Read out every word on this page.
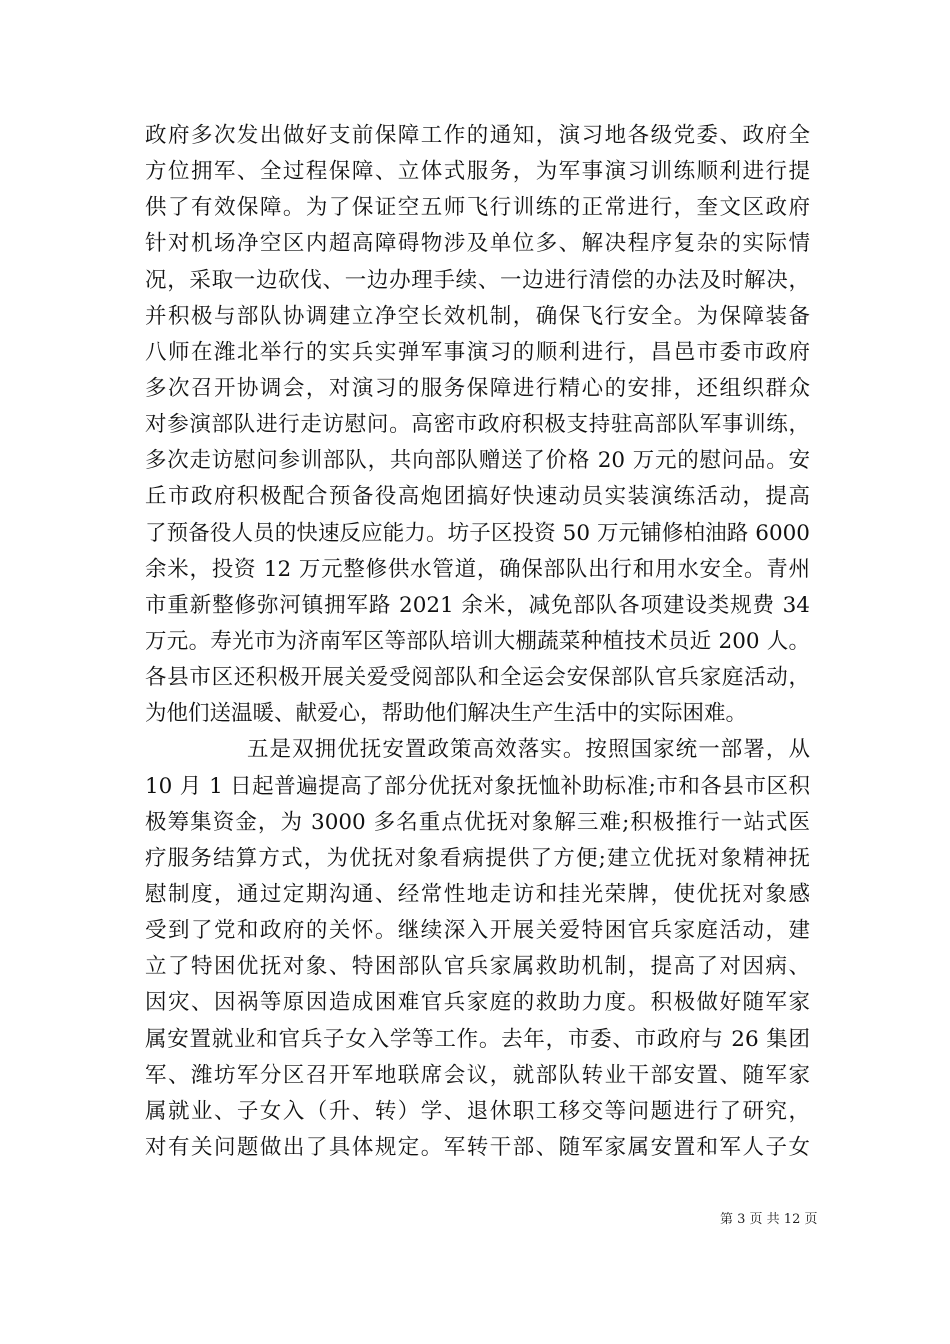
政府多次发出做好支前保障工作的通知，演习地各级党委、政府全
方位拥军、全过程保障、立体式服务，为军事演习训练顺利进行提
供了有效保障。为了保证空五师飞行训练的正常进行，奎文区政府
针对机场净空区内超高障碍物涉及单位多、解决程序复杂的实际情
况，采取一边砍伐、一边办理手续、一边进行清偿的办法及时解决，
并积极与部队协调建立净空长效机制，确保飞行安全。为保障装备
八师在潍北举行的实兵实弹军事演习的顺利进行，昌邑市委市政府
多次召开协调会，对演习的服务保障进行精心的安排，还组织群众
对参演部队进行走访慰问。高密市政府积极支持驻高部队军事训练，
多次走访慰问参训部队，共向部队赠送了价格 20 万元的慰问品。安
丘市政府积极配合预备役高炮团搞好快速动员实装演练活动，提高
了预备役人员的快速反应能力。坊子区投资 50 万元铺修柏油路 6000
余米，投资 12 万元整修供水管道，确保部队出行和用水安全。青州
市重新整修弥河镇拥军路 2021 余米，减免部队各项建设类规费 34
万元。寿光市为济南军区等部队培训大棚蔬菜种植技术员近 200 人。
各县市区还积极开展关爱受阅部队和全运会安保部队官兵家庭活动，
为他们送温暖、献爱心，帮助他们解决生产生活中的实际困难。
五是双拥优抚安置政策高效落实。按照国家统一部署，从
10 月 1 日起普遍提高了部分优抚对象抚恤补助标准;市和各县市区积
极筹集资金，为 3000 多名重点优抚对象解三难;积极推行一站式医
疗服务结算方式，为优抚对象看病提供了方便;建立优抚对象精神抚
慰制度，通过定期沟通、经常性地走访和挂光荣牌，使优抚对象感
受到了党和政府的关怀。继续深入开展关爱特困官兵家庭活动，建
立了特困优抚对象、特困部队官兵家属救助机制，提高了对因病、
因灾、因祸等原因造成困难官兵家庭的救助力度。积极做好随军家
属安置就业和官兵子女入学等工作。去年，市委、市政府与 26 集团
军、潍坊军分区召开军地联席会议，就部队转业干部安置、随军家
属就业、子女入（升、转）学、退休职工移交等问题进行了研究，
对有关问题做出了具体规定。军转干部、随军家属安置和军人子女
第 3 页 共 12 页
